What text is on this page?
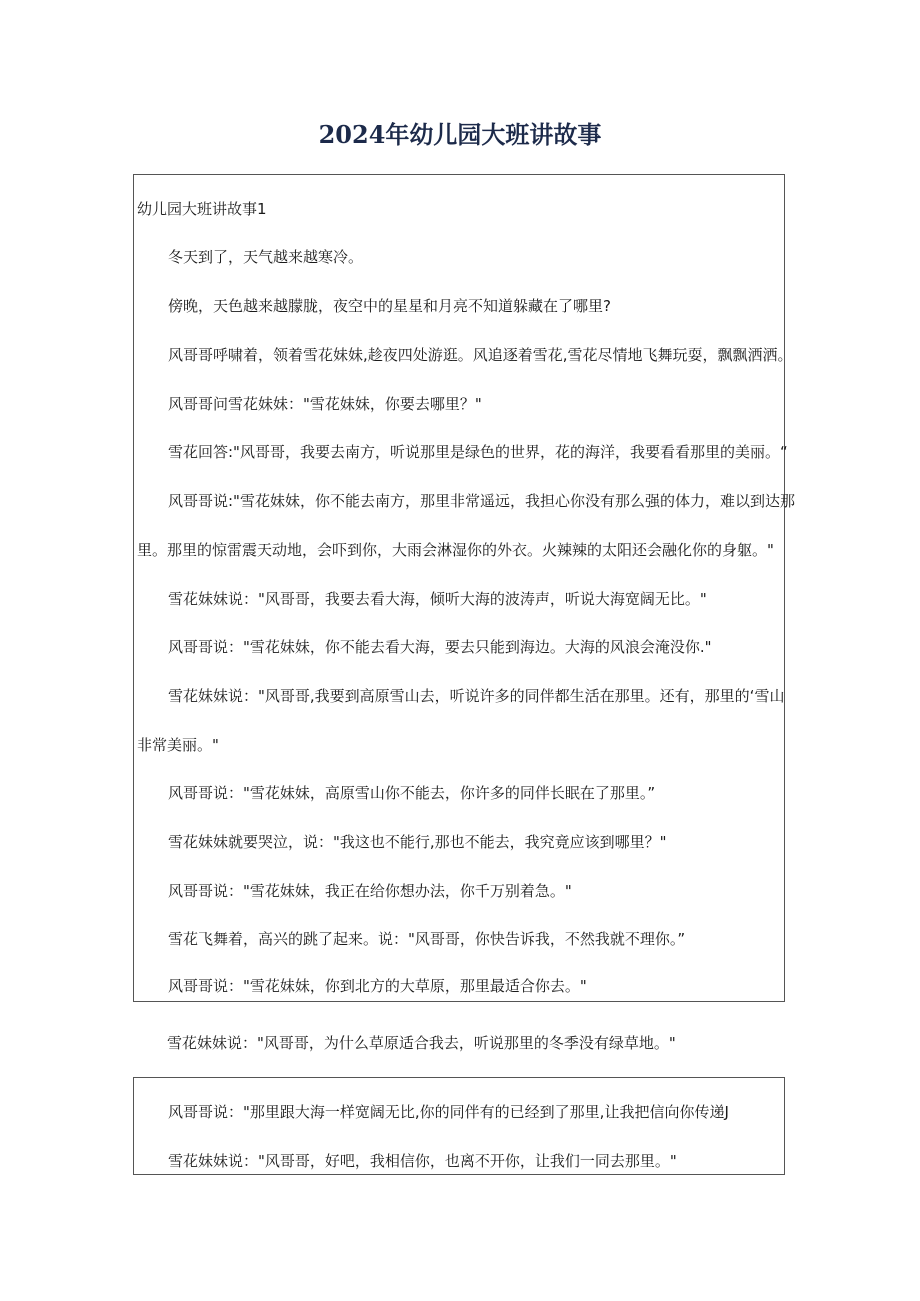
2024年幼儿园大班讲故事

幼儿园大班讲故事1

冬天到了，天气越来越寒冷。

傍晚，天色越来越朦胧，夜空中的星星和月亮不知道躲藏在了哪里?

风哥哥呼啸着，领着雪花妹妹,趁夜四处游逛。风追逐着雪花,雪花尽情地飞舞玩耍，飘飘洒洒。

风哥哥问雪花妹妹："雪花妹妹，你要去哪里？"

雪花回答:"风哥哥，我要去南方，听说那里是绿色的世界，花的海洋，我要看看那里的美丽。“

风哥哥说:"雪花妹妹，你不能去南方，那里非常遥远，我担心你没有那么强的体力，难以到达那

里。那里的惊雷震天动地，会吓到你，大雨会淋湿你的外衣。火辣辣的太阳还会融化你的身躯。"

雪花妹妹说："风哥哥，我要去看大海，倾听大海的波涛声，听说大海宽阔无比。"

风哥哥说："雪花妹妹，你不能去看大海，要去只能到海边。大海的风浪会淹没你."

雪花妹妹说："风哥哥,我要到高原雪山去，听说许多的同伴都生活在那里。还有，那里的‘雪山

非常美丽。"

风哥哥说："雪花妹妹，高原雪山你不能去，你许多的同伴长眠在了那里。”

雪花妹妹就要哭泣，说："我这也不能行,那也不能去，我究竟应该到哪里？"

风哥哥说："雪花妹妹，我正在给你想办法，你千万别着急。"

雪花飞舞着，高兴的跳了起来。说："风哥哥，你快告诉我，不然我就不理你。”

风哥哥说："雪花妹妹，你到北方的大草原，那里最适合你去。"

雪花妹妹说："风哥哥，为什么草原适合我去，听说那里的冬季没有绿草地。"

风哥哥说："那里跟大海一样宽阔无比,你的同伴有的已经到了那里,让我把信向你传递J

雪花妹妹说："风哥哥，好吧，我相信你，也离不开你，让我们一同去那里。"
